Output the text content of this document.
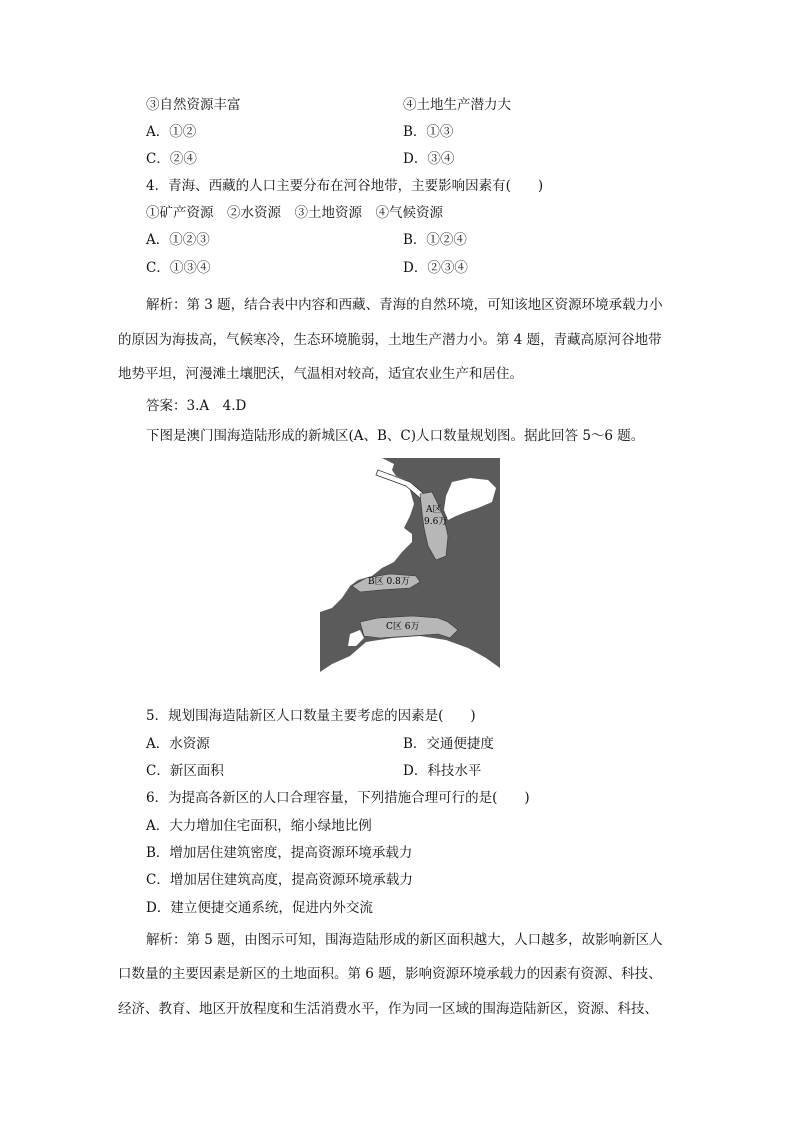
③自然资源丰富	④土地生产潜力大
A．①②	B．①③
C．②④	D．③④
4．青海、西藏的人口主要分布在河谷地带，主要影响因素有(　　)
①矿产资源　②水资源　③土地资源　④气候资源
A．①②③	B．①②④
C．①③④	D．②③④
解析：第 3 题，结合表中内容和西藏、青海的自然环境，可知该地区资源环境承载力小
的原因为海拔高，气候寒冷，生态环境脆弱，土地生产潜力小。第 4 题，青藏高原河谷地带
地势平坦，河漫滩土壤肥沃，气温相对较高，适宜农业生产和居住。
答案：3.A　4.D
下图是澳门围海造陆形成的新城区(A、B、C)人口数量规划图。据此回答 5～6 题。
A区
9.6万
B区 0.8万
C区 6万
5．规划围海造陆新区人口数量主要考虑的因素是(　　)
A．水资源	B．交通便捷度
C．新区面积	D．科技水平
6．为提高各新区的人口合理容量，下列措施合理可行的是(　　)
A．大力增加住宅面积，缩小绿地比例
B．增加居住建筑密度，提高资源环境承载力
C．增加居住建筑高度，提高资源环境承载力
D．建立便捷交通系统，促进内外交流
解析：第 5 题，由图示可知，围海造陆形成的新区面积越大，人口越多，故影响新区人
口数量的主要因素是新区的土地面积。第 6 题，影响资源环境承载力的因素有资源、科技、
经济、教育、地区开放程度和生活消费水平，作为同一区域的围海造陆新区，资源、科技、
